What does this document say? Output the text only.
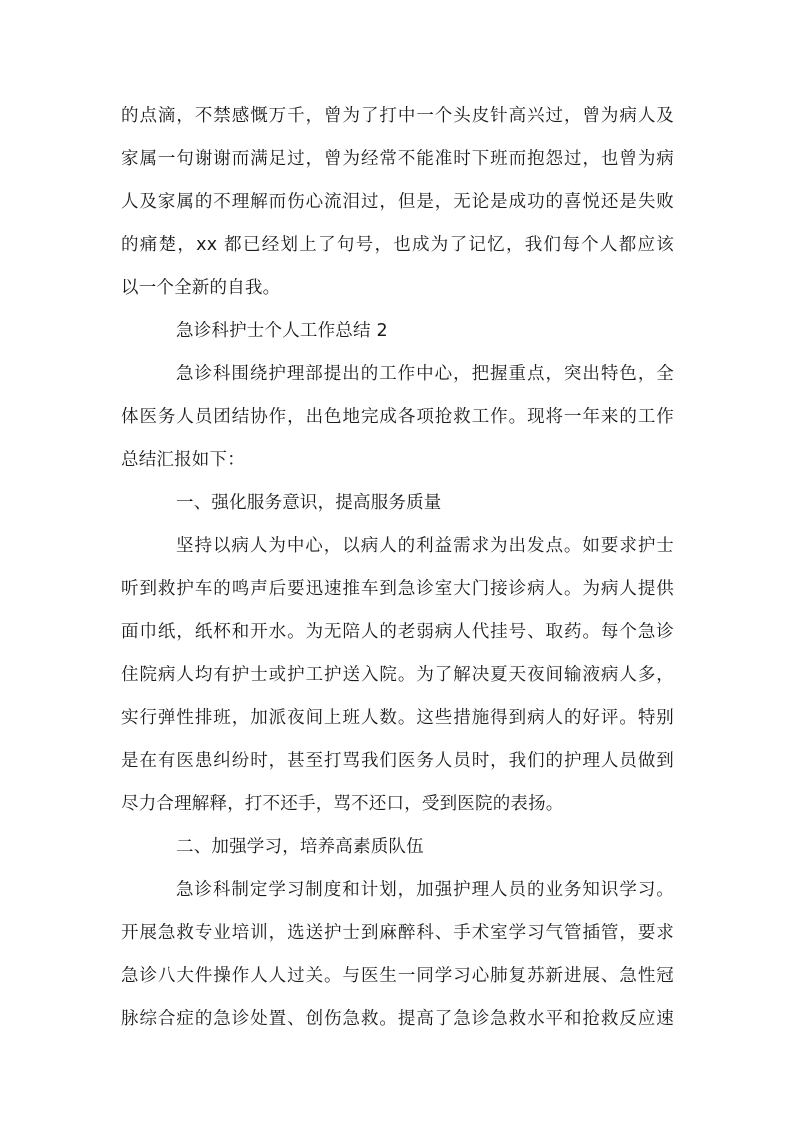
的点滴，不禁感慨万千，曾为了打中一个头皮针高兴过，曾为病人及
家属一句谢谢而满足过，曾为经常不能准时下班而抱怨过，也曾为病
人及家属的不理解而伤心流泪过，但是，无论是成功的喜悦还是失败
的痛楚，xx 都已经划上了句号，也成为了记忆，我们每个人都应该
以一个全新的自我。
急诊科护士个人工作总结 2
急诊科围绕护理部提出的工作中心，把握重点，突出特色，全
体医务人员团结协作，出色地完成各项抢救工作。现将一年来的工作
总结汇报如下：
一、强化服务意识，提高服务质量
坚持以病人为中心，以病人的利益需求为出发点。如要求护士
听到救护车的鸣声后要迅速推车到急诊室大门接诊病人。为病人提供
面巾纸，纸杯和开水。为无陪人的老弱病人代挂号、取药。每个急诊
住院病人均有护士或护工护送入院。为了解决夏天夜间输液病人多，
实行弹性排班，加派夜间上班人数。这些措施得到病人的好评。特别
是在有医患纠纷时，甚至打骂我们医务人员时，我们的护理人员做到
尽力合理解释，打不还手，骂不还口，受到医院的表扬。
二、加强学习，培养高素质队伍
急诊科制定学习制度和计划，加强护理人员的业务知识学习。
开展急救专业培训，选送护士到麻醉科、手术室学习气管插管，要求
急诊八大件操作人人过关。与医生一同学习心肺复苏新进展、急性冠
脉综合症的急诊处置、创伤急救。提高了急诊急救水平和抢救反应速
